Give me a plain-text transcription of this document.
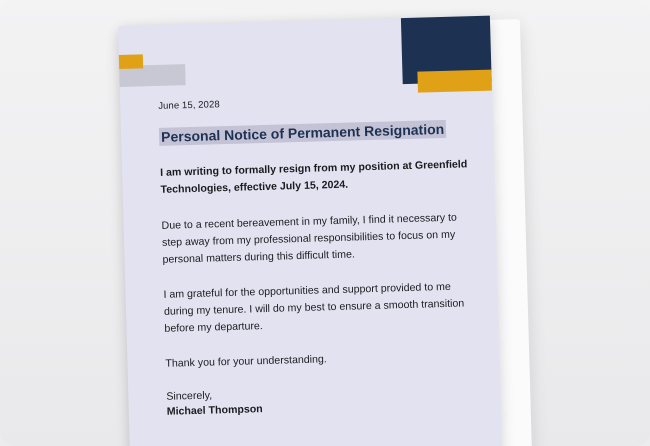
June 15, 2028
Personal Notice of Permanent Resignation
I am writing to formally resign from my position at Greenfield Technologies, effective July 15, 2024.
Due to a recent bereavement in my family, I find it necessary to step away from my professional responsibilities to focus on my personal matters during this difficult time.
I am grateful for the opportunities and support provided to me during my tenure. I will do my best to ensure a smooth transition before my departure.
Thank you for your understanding.
Sincerely,
Michael Thompson
